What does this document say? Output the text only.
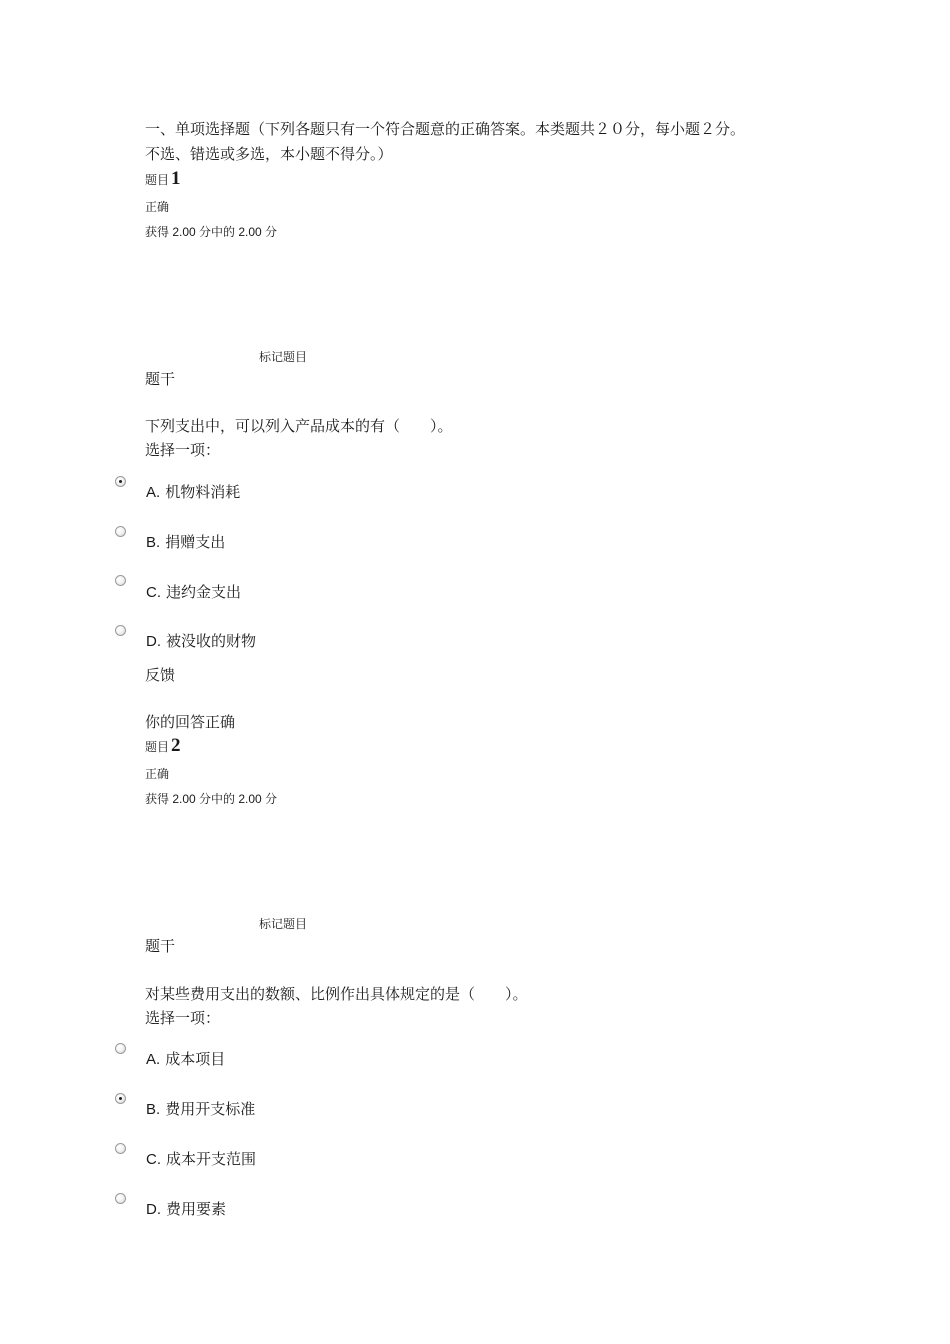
一、单项选择题（下列各题只有一个符合题意的正确答案。本类题共２０分，每小题２分。
不选、错选或多选，本小题不得分。）
题目 1
正确
获得 2.00 分中的 2.00 分
标记题目
题干
下列支出中，可以列入产品成本的有（　　）。
选择一项：
A. 机物料消耗
B. 捐赠支出
C. 违约金支出
D. 被没收的财物
反馈
你的回答正确
题目 2
正确
获得 2.00 分中的 2.00 分
标记题目
题干
对某些费用支出的数额、比例作出具体规定的是（　　）。
选择一项：
A. 成本项目
B. 费用开支标准
C. 成本开支范围
D. 费用要素
